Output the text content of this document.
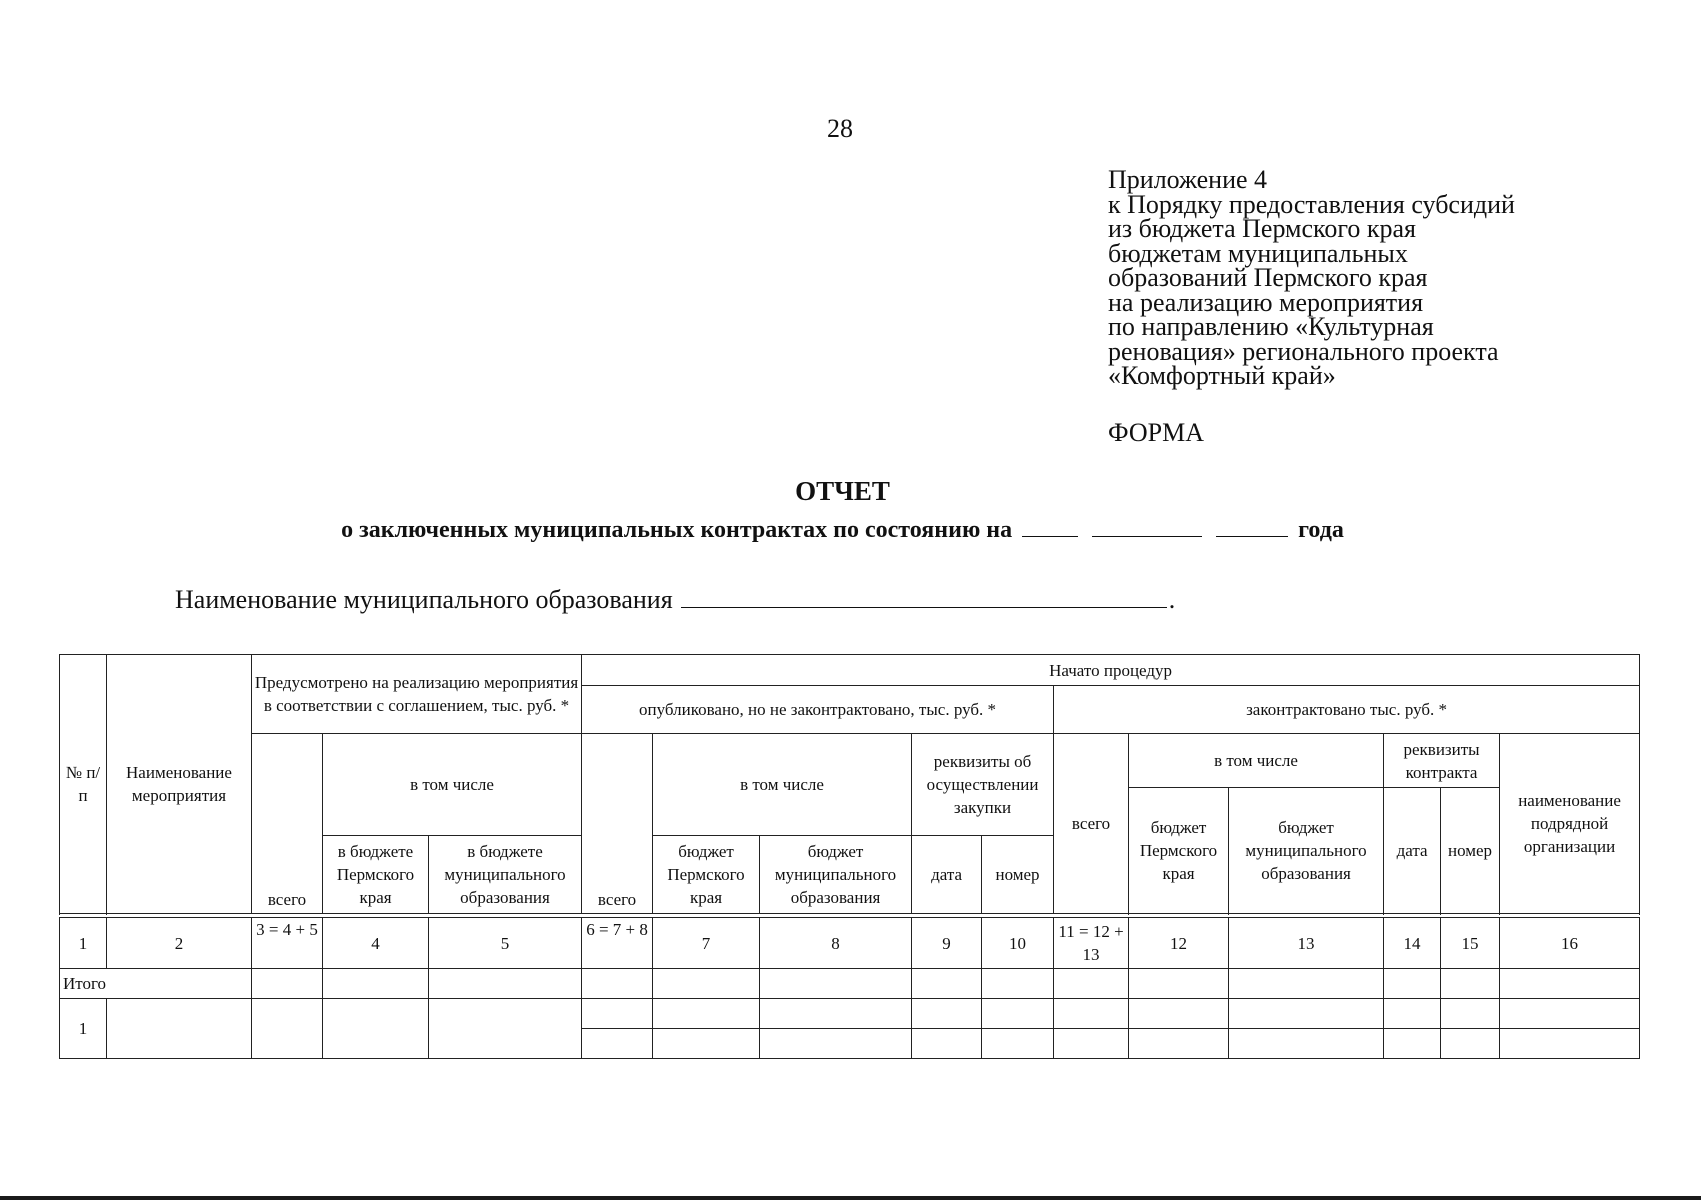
28
Приложение 4
к Порядку предоставления субсидий
из бюджета Пермского края
бюджетам муниципальных
образований Пермского края
на реализацию мероприятия
по направлению «Культурная
реновация» регионального проекта
«Комфортный край»
ФОРМА
ОТЧЕТ
о заключенных муниципальных контрактах по состоянию на	года
Наименование муниципального образования	.
№ п/п	Наименование мероприятия	Предусмотрено на реализацию мероприятия в соответствии с соглашением, тыс. руб. *			Начато процедур										
					опубликовано, но не законтрактовано, тыс. руб. *					законтрактовано тыс. руб. *					
		всего	в том числе		всего	в том числе		реквизиты об осуществлении закупки		всего	в том числе		реквизиты контракта		наименование подрядной организации
											бюджет Пермского края	бюджет муниципального образования	дата	номер	
			в бюджете Пермского края	в бюджете муниципального образования		бюджет Пермского края	бюджет муниципального образования	дата	номер						

1	2	3 = 4 + 5	4	5	6 = 7 + 8	7	8	9	10	11 = 12 + 13	12	13	14	15	16
Итого															
1															
